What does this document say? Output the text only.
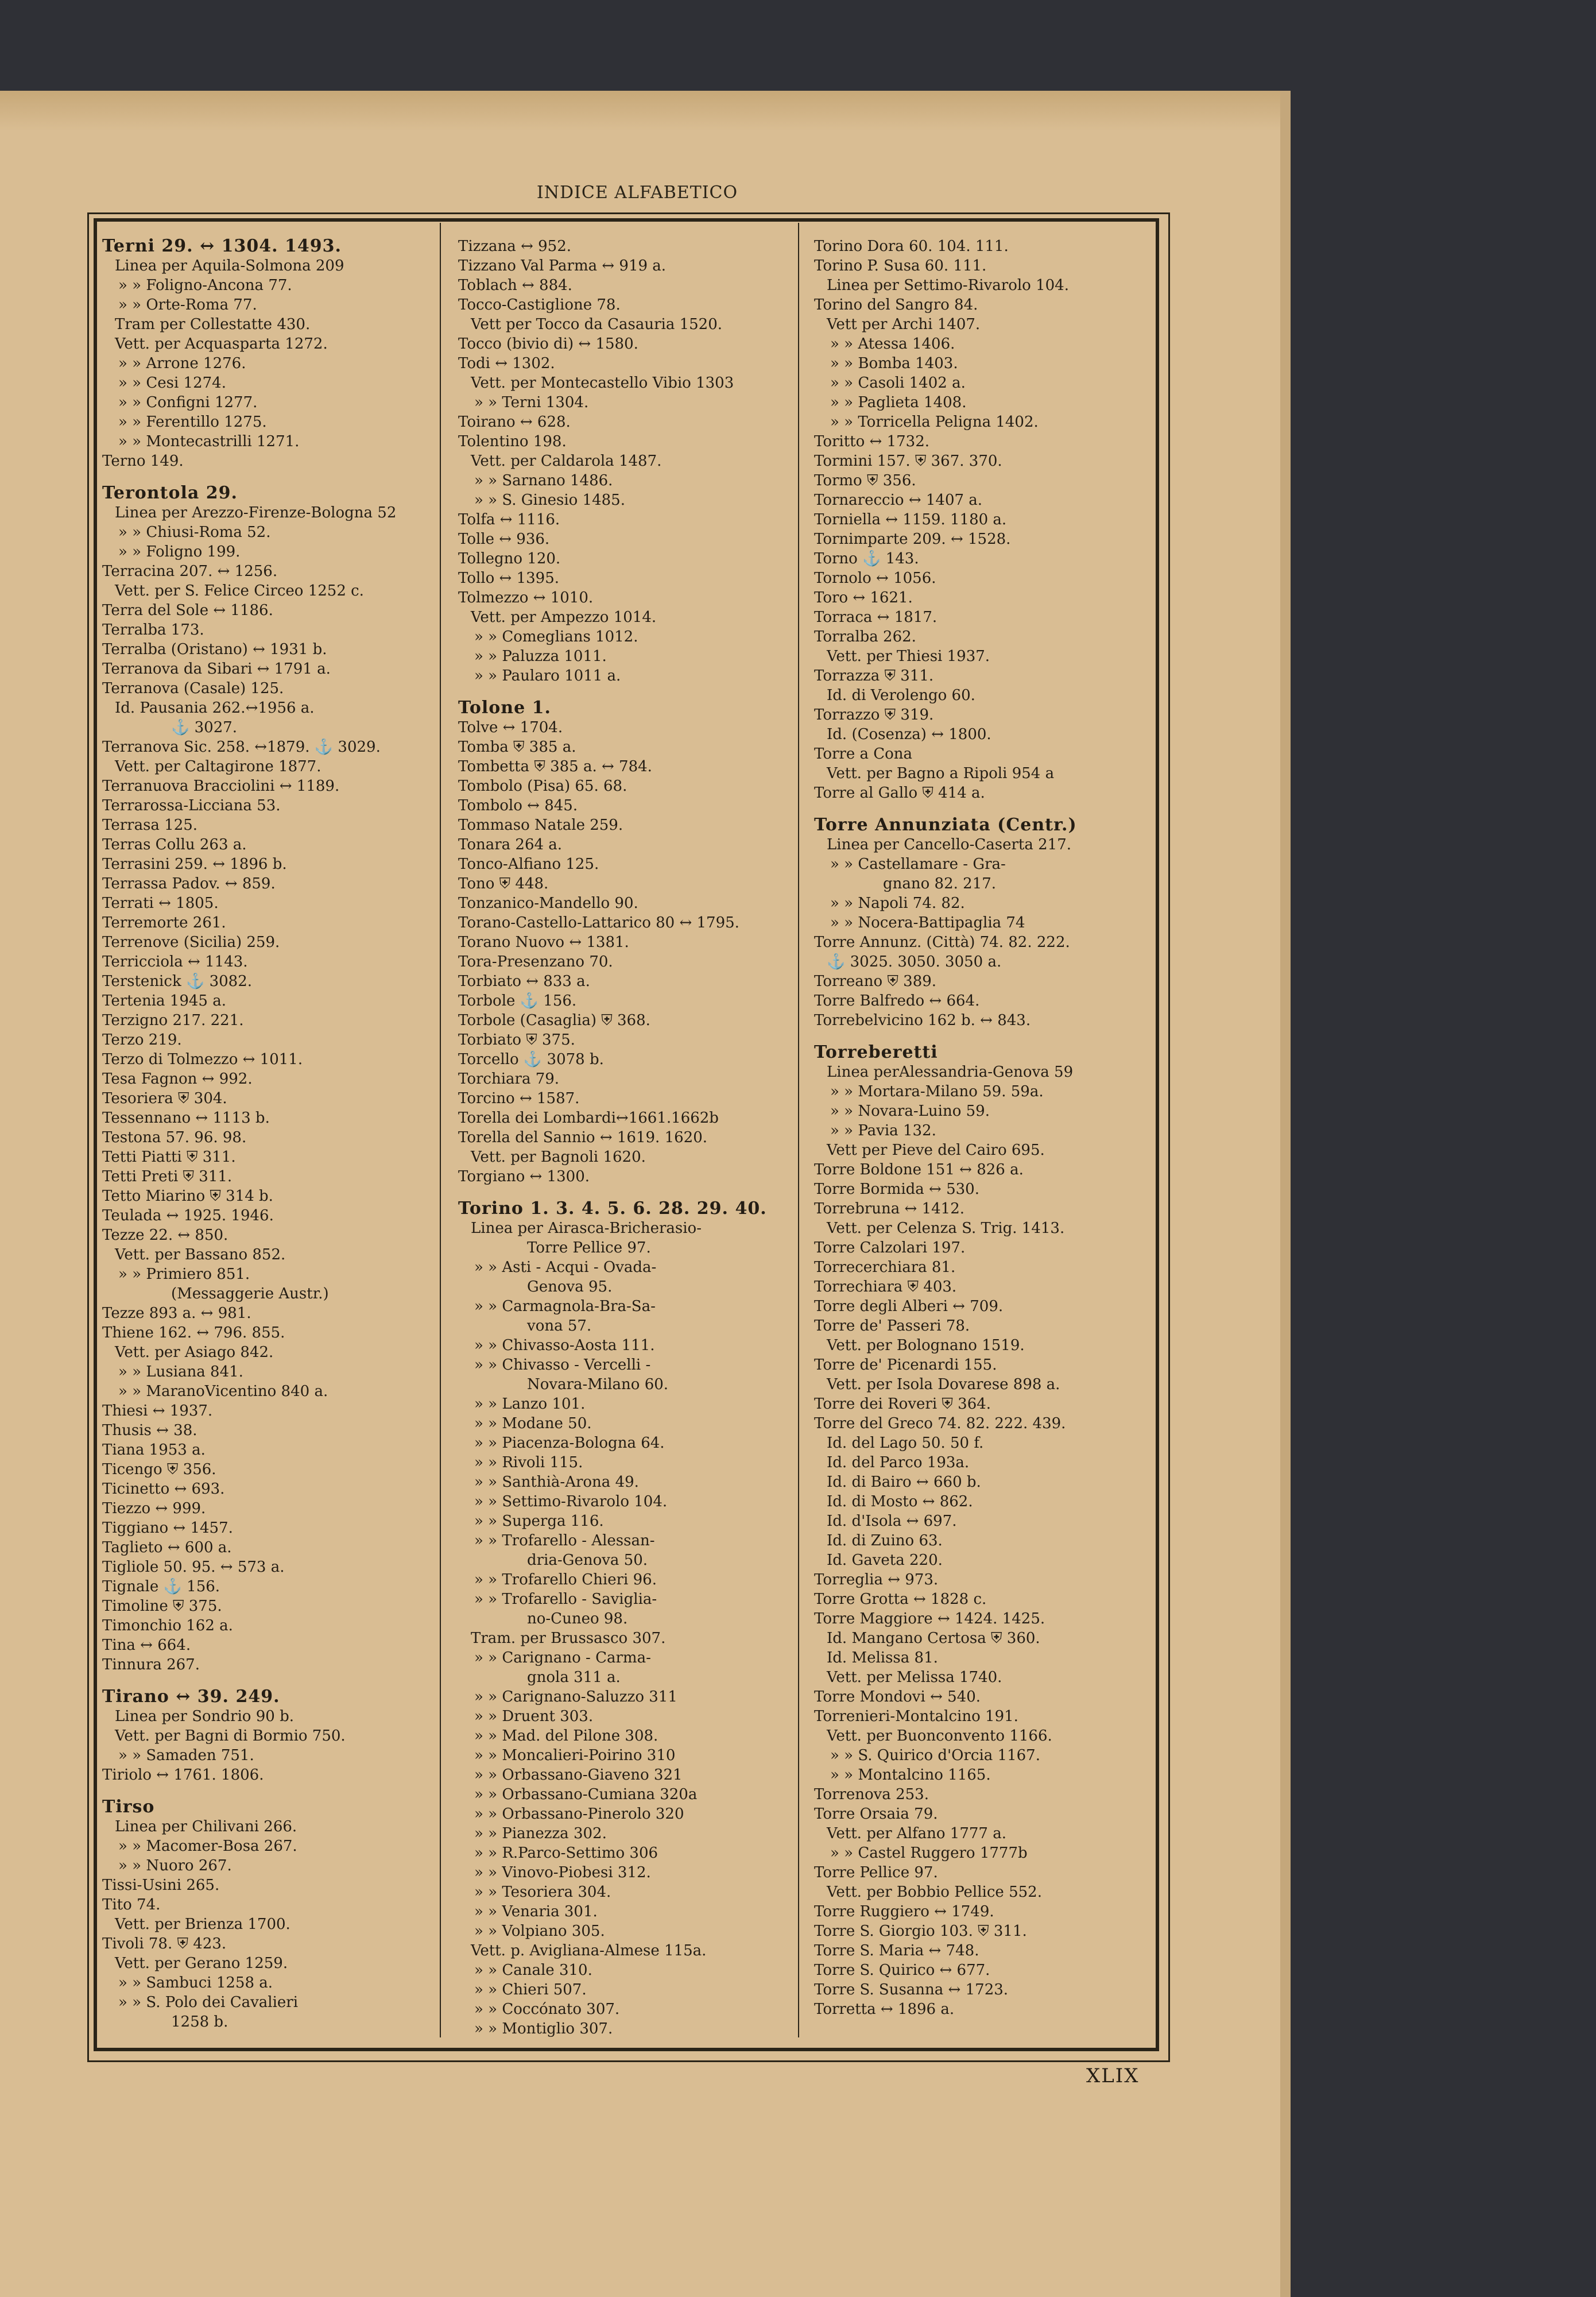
INDICE ALFABETICO
Terni 29. ↔ 1304. 1493.
Linea per Aquila-Solmona 209
» » Foligno-Ancona 77.
» » Orte-Roma 77.
Tram per Collestatte 430.
Vett. per Acquasparta 1272.
» » Arrone 1276.
» » Cesi 1274.
» » Configni 1277.
» » Ferentillo 1275.
» » Montecastrilli 1271.
Terno 149.
Terontola 29.
Linea per Arezzo-Firenze-Bologna 52
» » Chiusi-Roma 52.
» » Foligno 199.
Terracina 207. ↔ 1256.
Vett. per S. Felice Circeo 1252 c.
Terra del Sole ↔ 1186.
Terralba 173.
Terralba (Oristano) ↔ 1931 b.
Terranova da Sibari ↔ 1791 a.
Terranova (Casale) 125.
Id. Pausania 262.↔1956 a.
⚓ 3027.
Terranova Sic. 258. ↔1879. ⚓ 3029.
Vett. per Caltagirone 1877.
Terranuova Bracciolini ↔ 1189.
Terrarossa-Licciana 53.
Terrasa 125.
Terras Collu 263 a.
Terrasini 259. ↔ 1896 b.
Terrassa Padov. ↔ 859.
Terrati ↔ 1805.
Terremorte 261.
Terrenove (Sicilia) 259.
Terricciola ↔ 1143.
Terstenick ⚓ 3082.
Tertenia 1945 a.
Terzigno 217. 221.
Terzo 219.
Terzo di Tolmezzo ↔ 1011.
Tesa Fagnon ↔ 992.
Tesoriera ⛨ 304.
Tessennano ↔ 1113 b.
Testona 57. 96. 98.
Tetti Piatti ⛨ 311.
Tetti Preti ⛨ 311.
Tetto Miarino ⛨ 314 b.
Teulada ↔ 1925. 1946.
Tezze 22. ↔ 850.
Vett. per Bassano 852.
» » Primiero 851.
(Messaggerie Austr.)
Tezze 893 a. ↔ 981.
Thiene 162. ↔ 796. 855.
Vett. per Asiago 842.
» » Lusiana 841.
» » MaranoVicentino 840 a.
Thiesi ↔ 1937.
Thusis ↔ 38.
Tiana 1953 a.
Ticengo ⛨ 356.
Ticinetto ↔ 693.
Tiezzo ↔ 999.
Tiggiano ↔ 1457.
Taglieto ↔ 600 a.
Tigliole 50. 95. ↔ 573 a.
Tignale ⚓ 156.
Timoline ⛨ 375.
Timonchio 162 a.
Tina ↔ 664.
Tinnura 267.
Tirano ↔ 39. 249.
Linea per Sondrio 90 b.
Vett. per Bagni di Bormio 750.
» » Samaden 751.
Tiriolo ↔ 1761. 1806.
Tirso
Linea per Chilivani 266.
» » Macomer-Bosa 267.
» » Nuoro 267.
Tissi-Usini 265.
Tito 74.
Vett. per Brienza 1700.
Tivoli 78. ⛨ 423.
Vett. per Gerano 1259.
» » Sambuci 1258 a.
» » S. Polo dei Cavalieri
1258 b.
Tizzana ↔ 952.
Tizzano Val Parma ↔ 919 a.
Toblach ↔ 884.
Tocco-Castiglione 78.
Vett per Tocco da Casauria 1520.
Tocco (bivio di) ↔ 1580.
Todi ↔ 1302.
Vett. per Montecastello Vibio 1303
» » Terni 1304.
Toirano ↔ 628.
Tolentino 198.
Vett. per Caldarola 1487.
» » Sarnano 1486.
» » S. Ginesio 1485.
Tolfa ↔ 1116.
Tolle ↔ 936.
Tollegno 120.
Tollo ↔ 1395.
Tolmezzo ↔ 1010.
Vett. per Ampezzo 1014.
» » Comeglians 1012.
» » Paluzza 1011.
» » Paularo 1011 a.
Tolone 1.
Tolve ↔ 1704.
Tomba ⛨ 385 a.
Tombetta ⛨ 385 a. ↔ 784.
Tombolo (Pisa) 65. 68.
Tombolo ↔ 845.
Tommaso Natale 259.
Tonara 264 a.
Tonco-Alfiano 125.
Tono ⛨ 448.
Tonzanico-Mandello 90.
Torano-Castello-Lattarico 80 ↔ 1795.
Torano Nuovo ↔ 1381.
Tora-Presenzano 70.
Torbiato ↔ 833 a.
Torbole ⚓ 156.
Torbole (Casaglia) ⛨ 368.
Torbiato ⛨ 375.
Torcello ⚓ 3078 b.
Torchiara 79.
Torcino ↔ 1587.
Torella dei Lombardi↔1661.1662b
Torella del Sannio ↔ 1619. 1620.
Vett. per Bagnoli 1620.
Torgiano ↔ 1300.
Torino 1. 3. 4. 5. 6. 28. 29. 40.
Linea per Airasca-Bricherasio-
Torre Pellice 97.
» » Asti - Acqui - Ovada-
Genova 95.
» » Carmagnola-Bra-Sa-
vona 57.
» » Chivasso-Aosta 111.
» » Chivasso - Vercelli -
Novara-Milano 60.
» » Lanzo 101.
» » Modane 50.
» » Piacenza-Bologna 64.
» » Rivoli 115.
» » Santhià-Arona 49.
» » Settimo-Rivarolo 104.
» » Superga 116.
» » Trofarello - Alessan-
dria-Genova 50.
» » Trofarello Chieri 96.
» » Trofarello - Saviglia-
no-Cuneo 98.
Tram. per Brussasco 307.
» » Carignano - Carma-
gnola 311 a.
» » Carignano-Saluzzo 311
» » Druent 303.
» » Mad. del Pilone 308.
» » Moncalieri-Poirino 310
» » Orbassano-Giaveno 321
» » Orbassano-Cumiana 320a
» » Orbassano-Pinerolo 320
» » Pianezza 302.
» » R.Parco-Settimo 306
» » Vinovo-Piobesi 312.
» » Tesoriera 304.
» » Venaria 301.
» » Volpiano 305.
Vett. p. Avigliana-Almese 115a.
» » Canale 310.
» » Chieri 507.
» » Coccónato 307.
» » Montiglio 307.
Torino Dora 60. 104. 111.
Torino P. Susa 60. 111.
Linea per Settimo-Rivarolo 104.
Torino del Sangro 84.
Vett per Archi 1407.
» » Atessa 1406.
» » Bomba 1403.
» » Casoli 1402 a.
» » Paglieta 1408.
» » Torricella Peligna 1402.
Toritto ↔ 1732.
Tormini 157. ⛨ 367. 370.
Tormo ⛨ 356.
Tornareccio ↔ 1407 a.
Torniella ↔ 1159. 1180 a.
Tornimparte 209. ↔ 1528.
Torno ⚓ 143.
Tornolo ↔ 1056.
Toro ↔ 1621.
Torraca ↔ 1817.
Torralba 262.
Vett. per Thiesi 1937.
Torrazza ⛨ 311.
Id. di Verolengo 60.
Torrazzo ⛨ 319.
Id. (Cosenza) ↔ 1800.
Torre a Cona
Vett. per Bagno a Ripoli 954 a
Torre al Gallo ⛨ 414 a.
Torre Annunziata (Centr.)
Linea per Cancello-Caserta 217.
» » Castellamare - Gra-
gnano 82. 217.
» » Napoli 74. 82.
» » Nocera-Battipaglia 74
Torre Annunz. (Città) 74. 82. 222.
⚓ 3025. 3050. 3050 a.
Torreano ⛨ 389.
Torre Balfredo ↔ 664.
Torrebelvicino 162 b. ↔ 843.
Torreberetti
Linea perAlessandria-Genova 59
» » Mortara-Milano 59. 59a.
» » Novara-Luino 59.
» » Pavia 132.
Vett per Pieve del Cairo 695.
Torre Boldone 151 ↔ 826 a.
Torre Bormida ↔ 530.
Torrebruna ↔ 1412.
Vett. per Celenza S. Trig. 1413.
Torre Calzolari 197.
Torrecerchiara 81.
Torrechiara ⛨ 403.
Torre degli Alberi ↔ 709.
Torre de' Passeri 78.
Vett. per Bolognano 1519.
Torre de' Picenardi 155.
Vett. per Isola Dovarese 898 a.
Torre dei Roveri ⛨ 364.
Torre del Greco 74. 82. 222. 439.
Id. del Lago 50. 50 f.
Id. del Parco 193a.
Id. di Bairo ↔ 660 b.
Id. di Mosto ↔ 862.
Id. d'Isola ↔ 697.
Id. di Zuino 63.
Id. Gaveta 220.
Torreglia ↔ 973.
Torre Grotta ↔ 1828 c.
Torre Maggiore ↔ 1424. 1425.
Id. Mangano Certosa ⛨ 360.
Id. Melissa 81.
Vett. per Melissa 1740.
Torre Mondovi ↔ 540.
Torrenieri-Montalcino 191.
Vett. per Buonconvento 1166.
» » S. Quirico d'Orcia 1167.
» » Montalcino 1165.
Torrenova 253.
Torre Orsaia 79.
Vett. per Alfano 1777 a.
» » Castel Ruggero 1777b
Torre Pellice 97.
Vett. per Bobbio Pellice 552.
Torre Ruggiero ↔ 1749.
Torre S. Giorgio 103. ⛨ 311.
Torre S. Maria ↔ 748.
Torre S. Quirico ↔ 677.
Torre S. Susanna ↔ 1723.
Torretta ↔ 1896 a.
XLIX
